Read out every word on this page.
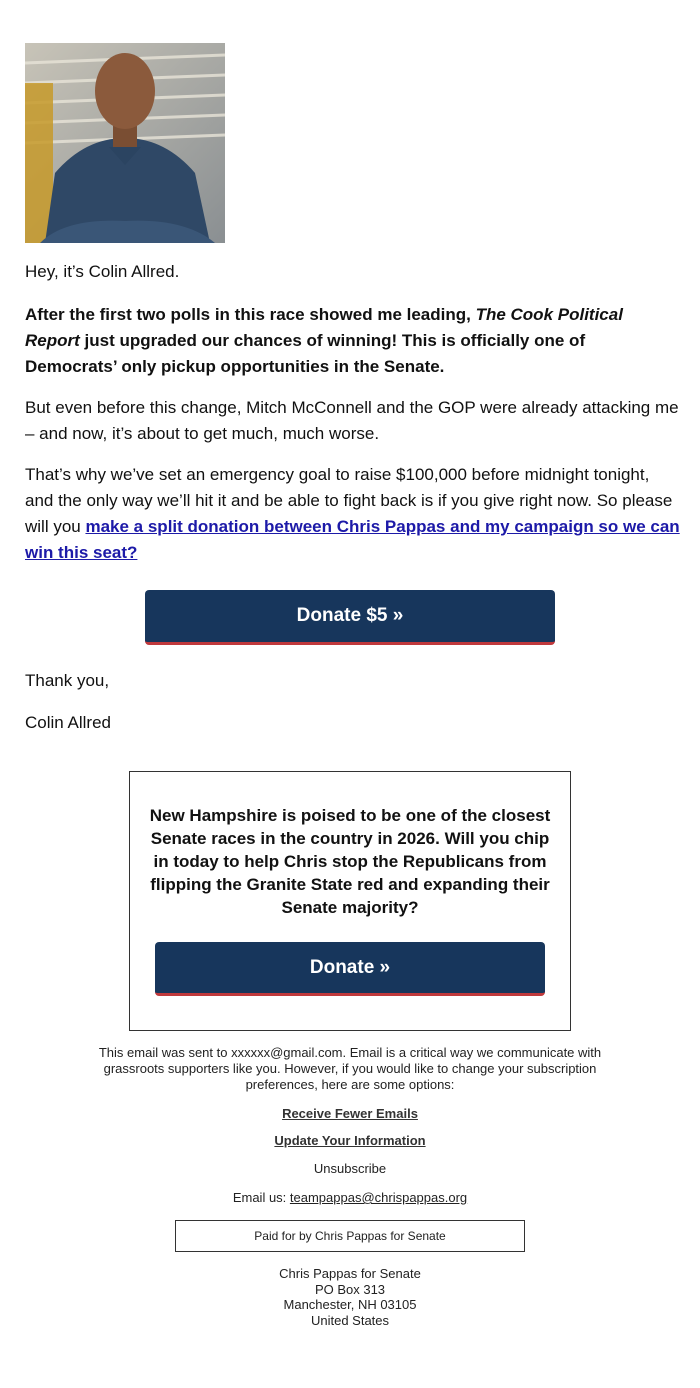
Hey, it’s Colin Allred.
After the first two polls in this race showed me leading, The Cook Political Report just upgraded our chances of winning! This is officially one of Democrats’ only pickup opportunities in the Senate.
But even before this change, Mitch McConnell and the GOP were already attacking me – and now, it’s about to get much, much worse.
That’s why we’ve set an emergency goal to raise $100,000 before midnight tonight, and the only way we’ll hit it and be able to fight back is if you give right now. So please will you make a split donation between Chris Pappas and my campaign so we can win this seat?
Donate $5 »
Thank you,
Colin Allred
New Hampshire is poised to be one of the closest Senate races in the country in 2026. Will you chip in today to help Chris stop the Republicans from flipping the Granite State red and expanding their Senate majority?
Donate »
This email was sent to xxxxxx@gmail.com. Email is a critical way we communicate with grassroots supporters like you. However, if you would like to change your subscription preferences, here are some options:
Receive Fewer Emails
Update Your Information
Unsubscribe
Email us: teampappas@chrispappas.org
Paid for by Chris Pappas for Senate
Chris Pappas for Senate
PO Box 313
Manchester, NH 03105
United States
